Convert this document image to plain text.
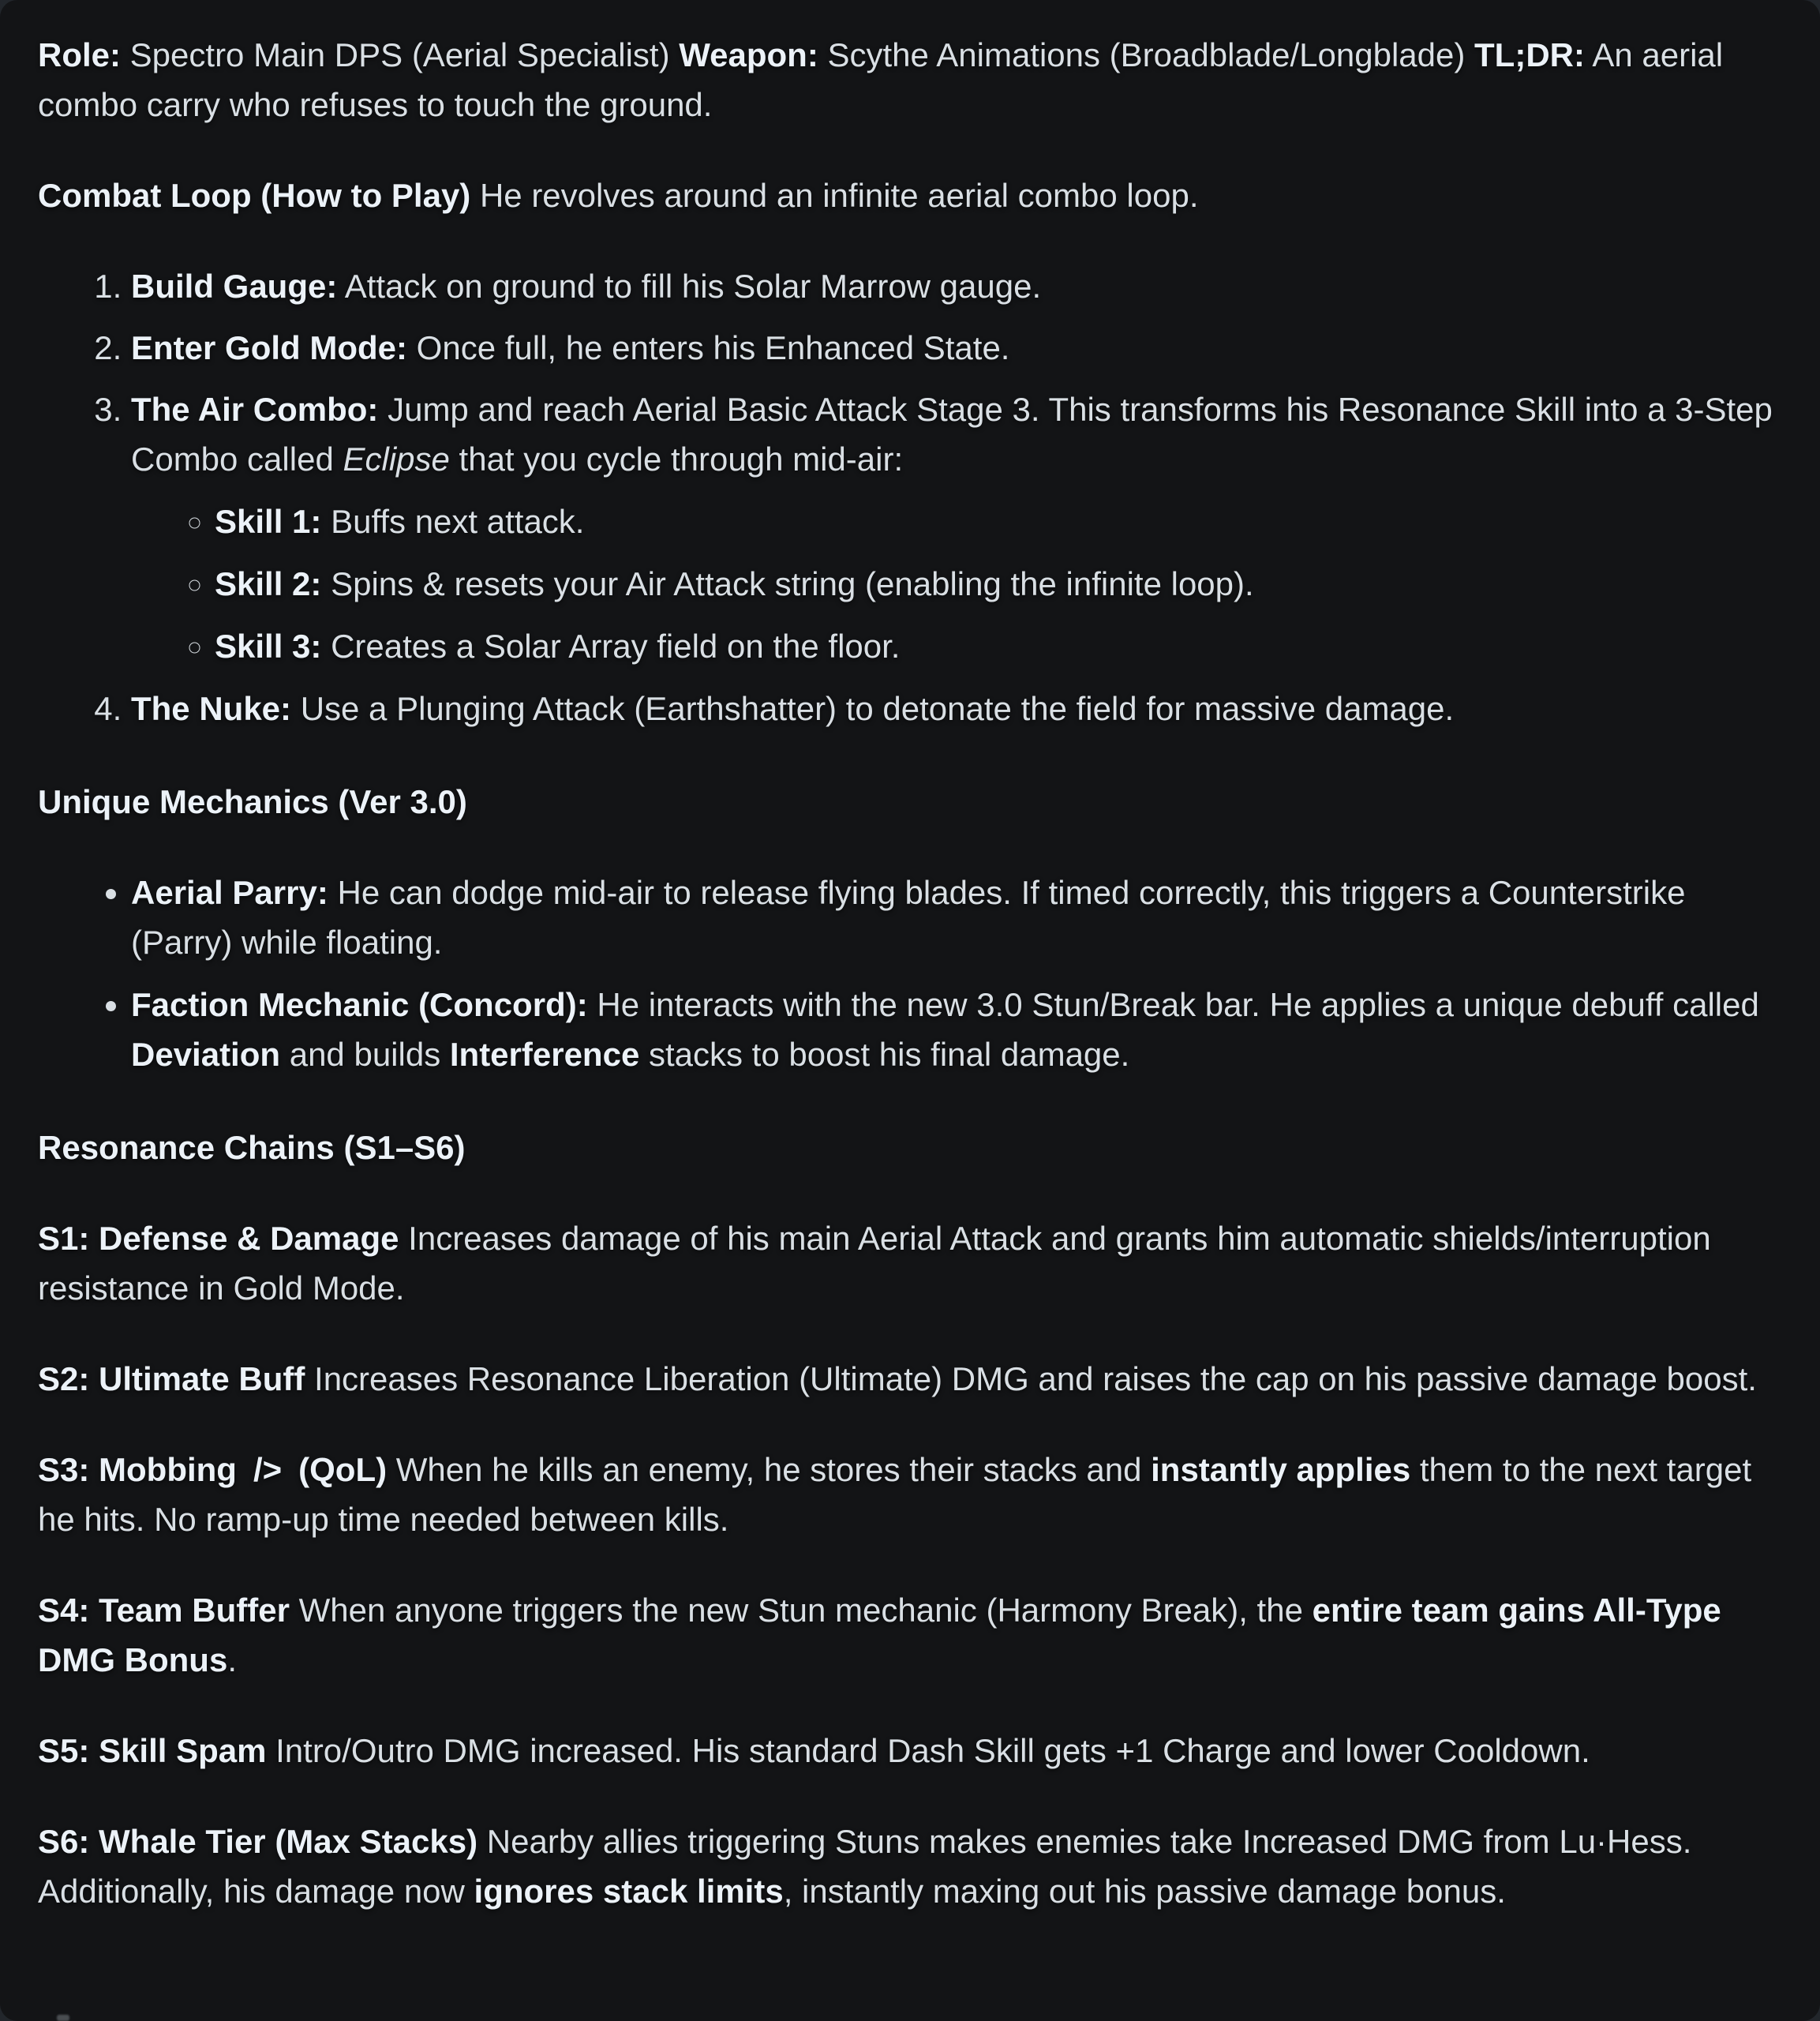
Role: Spectro Main DPS (Aerial Specialist) Weapon: Scythe Animations (Broadblade/Longblade) TL;DR: An aerial combo carry who refuses to touch the ground.

Combat Loop (How to Play) He revolves around an infinite aerial combo loop.

1. Build Gauge: Attack on ground to fill his Solar Marrow gauge.
2. Enter Gold Mode: Once full, he enters his Enhanced State.
3. The Air Combo: Jump and reach Aerial Basic Attack Stage 3. This transforms his Resonance Skill into a 3-Step Combo called Eclipse that you cycle through mid-air:
◦ Skill 1: Buffs next attack.
◦ Skill 2: Spins & resets your Air Attack string (enabling the infinite loop).
◦ Skill 3: Creates a Solar Array field on the floor.
4. The Nuke: Use a Plunging Attack (Earthshatter) to detonate the field for massive damage.

Unique Mechanics (Ver 3.0)

• Aerial Parry: He can dodge mid-air to release flying blades. If timed correctly, this triggers a Counterstrike (Parry) while floating.
• Faction Mechanic (Concord): He interacts with the new 3.0 Stun/Break bar. He applies a unique debuff called Deviation and builds Interference stacks to boost his final damage.

Resonance Chains (S1–S6)

S1: Defense & Damage Increases damage of his main Aerial Attack and grants him automatic shields/interruption resistance in Gold Mode.

S2: Ultimate Buff Increases Resonance Liberation (Ultimate) DMG and raises the cap on his passive damage boost.

S3: Mobbing /> (QoL) When he kills an enemy, he stores their stacks and instantly applies them to the next target he hits. No ramp-up time needed between kills.

S4: Team Buffer When anyone triggers the new Stun mechanic (Harmony Break), the entire team gains All-Type DMG Bonus.

S5: Skill Spam Intro/Outro DMG increased. His standard Dash Skill gets +1 Charge and lower Cooldown.

S6: Whale Tier (Max Stacks) Nearby allies triggering Stuns makes enemies take Increased DMG from Lu·Hess. Additionally, his damage now ignores stack limits, instantly maxing out his passive damage bonus.
